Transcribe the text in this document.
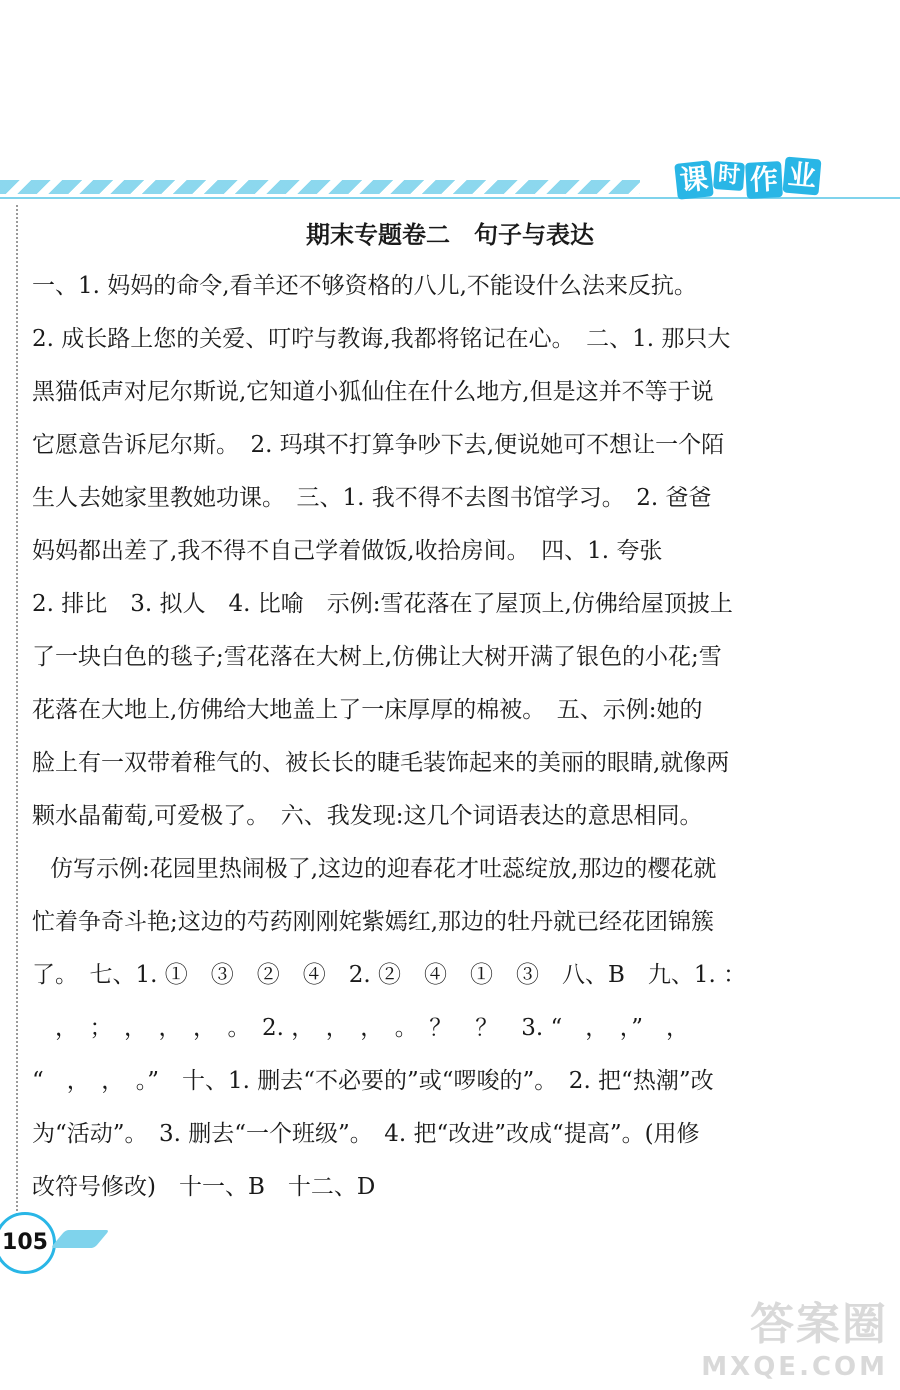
课 时 作 业
期末专题卷二　句子与表达
一、1. 妈妈的命令,看羊还不够资格的八儿,不能设什么法来反抗。
2. 成长路上您的关爱、叮咛与教诲,我都将铭记在心。　二、1. 那只大
黑猫低声对尼尔斯说,它知道小狐仙住在什么地方,但是这并不等于说
它愿意告诉尼尔斯。　2. 玛琪不打算争吵下去,便说她可不想让一个陌
生人去她家里教她功课。　三、1. 我不得不去图书馆学习。　2. 爸爸
妈妈都出差了,我不得不自己学着做饭,收拾房间。　四、1. 夸张
2. 排比　3. 拟人　4. 比喻　示例:雪花落在了屋顶上,仿佛给屋顶披上
了一块白色的毯子;雪花落在大树上,仿佛让大树开满了银色的小花;雪
花落在大地上,仿佛给大地盖上了一床厚厚的棉被。　五、示例:她的
脸上有一双带着稚气的、被长长的睫毛装饰起来的美丽的眼睛,就像两
颗水晶葡萄,可爱极了。　六、我发现:这几个词语表达的意思相同。
仿写示例:花园里热闹极了,这边的迎春花才吐蕊绽放,那边的樱花就
忙着争奇斗艳;这边的芍药刚刚姹紫嫣红,那边的牡丹就已经花团锦簇
了。　七、1. ①　③　②　④　2. ②　④　①　③　八、B　九、1. ：
　，　；　，　，　，　。　2. ，　，　，　。　？　？　3. “　，　，”　，
“　，　，　。”　十、1. 删去“不必要的”或“啰唆的”。　2. 把“热潮”改
为“活动”。　3. 删去“一个班级”。　4. 把“改进”改成“提高”。(用修
改符号修改)　十一、B　十二、D
105
答案圈
MXQE.COM
